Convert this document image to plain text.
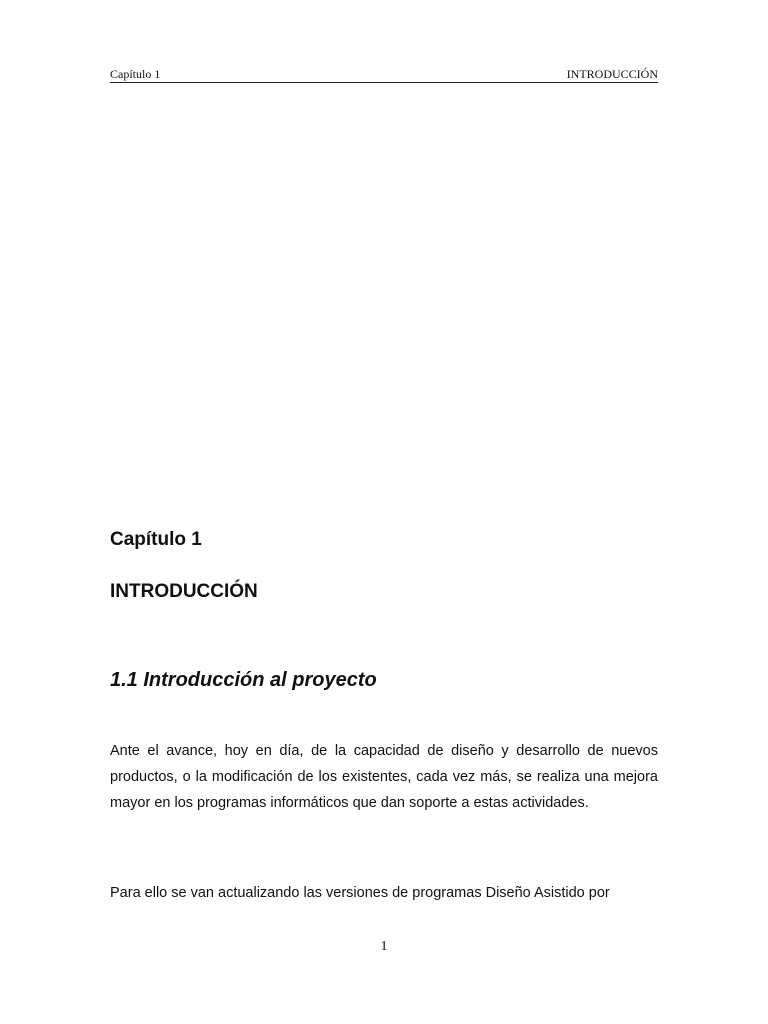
Capítulo 1	INTRODUCCIÓN
Capítulo 1
INTRODUCCIÓN
1.1 Introducción al proyecto

Ante el avance, hoy en día, de la capacidad de diseño y desarrollo de nuevos productos, o la modificación de los existentes, cada vez más, se realiza una mejora mayor en los programas informáticos que dan soporte a estas actividades.

Para ello se van actualizando las versiones de programas Diseño Asistido por

1
